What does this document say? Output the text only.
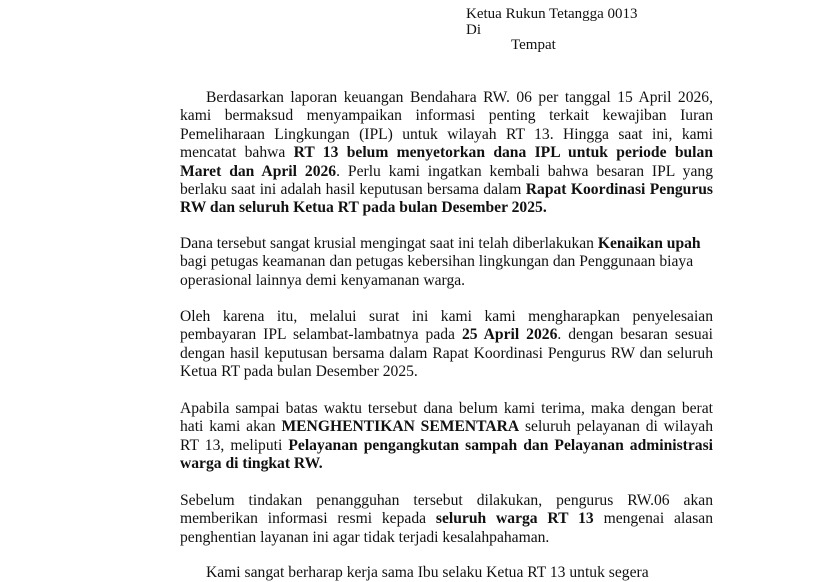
Ketua Rukun Tetangga 0013
Di
Tempat

Berdasarkan laporan keuangan Bendahara RW. 06 per tanggal 15 April 2026, kami bermaksud menyampaikan informasi penting terkait kewajiban Iuran Pemeliharaan Lingkungan (IPL) untuk wilayah RT 13. Hingga saat ini, kami mencatat bahwa RT 13 belum menyetorkan dana IPL untuk periode bulan Maret dan April 2026. Perlu kami ingatkan kembali bahwa besaran IPL yang berlaku saat ini adalah hasil keputusan bersama dalam Rapat Koordinasi Pengurus RW dan seluruh Ketua RT pada bulan Desember 2025.

Dana tersebut sangat krusial mengingat saat ini telah diberlakukan Kenaikan upah bagi petugas keamanan dan petugas kebersihan lingkungan dan Penggunaan biaya operasional lainnya demi kenyamanan warga.

Oleh karena itu, melalui surat ini kami kami mengharapkan penyelesaian pembayaran IPL selambat-lambatnya pada 25 April 2026. dengan besaran sesuai dengan hasil keputusan bersama dalam Rapat Koordinasi Pengurus RW dan seluruh Ketua RT pada bulan Desember 2025.

Apabila sampai batas waktu tersebut dana belum kami terima, maka dengan berat hati kami akan MENGHENTIKAN SEMENTARA seluruh pelayanan di wilayah RT 13, meliputi Pelayanan pengangkutan sampah dan Pelayanan administrasi warga di tingkat RW.

Sebelum tindakan penangguhan tersebut dilakukan, pengurus RW.06 akan memberikan informasi resmi kepada seluruh warga RT 13 mengenai alasan penghentian layanan ini agar tidak terjadi kesalahpahaman.

Kami sangat berharap kerja sama Ibu selaku Ketua RT 13 untuk segera
